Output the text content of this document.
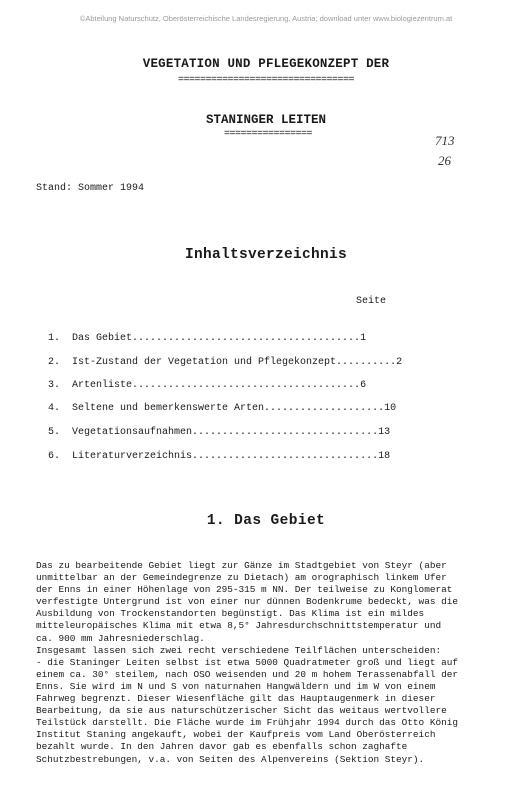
©Abteilung Naturschutz, Oberösterreichische Landesregierung, Austria; download unter www.biologiezentrum.at
VEGETATION UND PFLEGEKONZEPT DER
================================
STANINGER LEITEN
================	713
26
Stand: Sommer 1994
Inhaltsverzeichnis
Seite

1. Das Gebiet......................................1

2. Ist-Zustand der Vegetation und Pflegekonzept..........2

3. Artenliste......................................6

4. Seltene und bemerkenswerte Arten....................10

5. Vegetationsaufnahmen...............................13

6. Literaturverzeichnis...............................18

1. Das Gebiet
Das zu bearbeitende Gebiet liegt zur Gänze im Stadtgebiet von Steyr (aber
unmittelbar an der Gemeindegrenze zu Dietach) am orographisch linkem Ufer
der Enns in einer Höhenlage von 295-315 m NN. Der teilweise zu Konglomerat
verfestigte Untergrund ist von einer nur dünnen Bodenkrume bedeckt, was die
Ausbildung von Trockenstandorten begünstigt. Das Klima ist ein mildes
mitteleuropäisches Klima mit etwa 8,5° Jahresdurchschnittstemperatur und
ca. 900 mm Jahresniederschlag.
Insgesamt lassen sich zwei recht verschiedene Teilflächen unterscheiden:
- die Staninger Leiten selbst ist etwa 5000 Quadratmeter groß und liegt auf
einem ca. 30° steilem, nach OSO weisenden und 20 m hohem Terassenabfall der
Enns. Sie wird im N und S von naturnahen Hangwäldern und im W von einem
Fahrweg begrenzt. Dieser Wiesenfläche gilt das Hauptaugenmerk in dieser
Bearbeitung, da sie aus naturschützerischer Sicht das weitaus wertvollere
Teilstück darstellt. Die Fläche wurde im Frühjahr 1994 durch das Otto König
Institut Staning angekauft, wobei der Kaufpreis vom Land Oberösterreich
bezahlt wurde. In den Jahren davor gab es ebenfalls schon zaghafte
Schutzbestrebungen, v.a. von Seiten des Alpenvereins (Sektion Steyr).
